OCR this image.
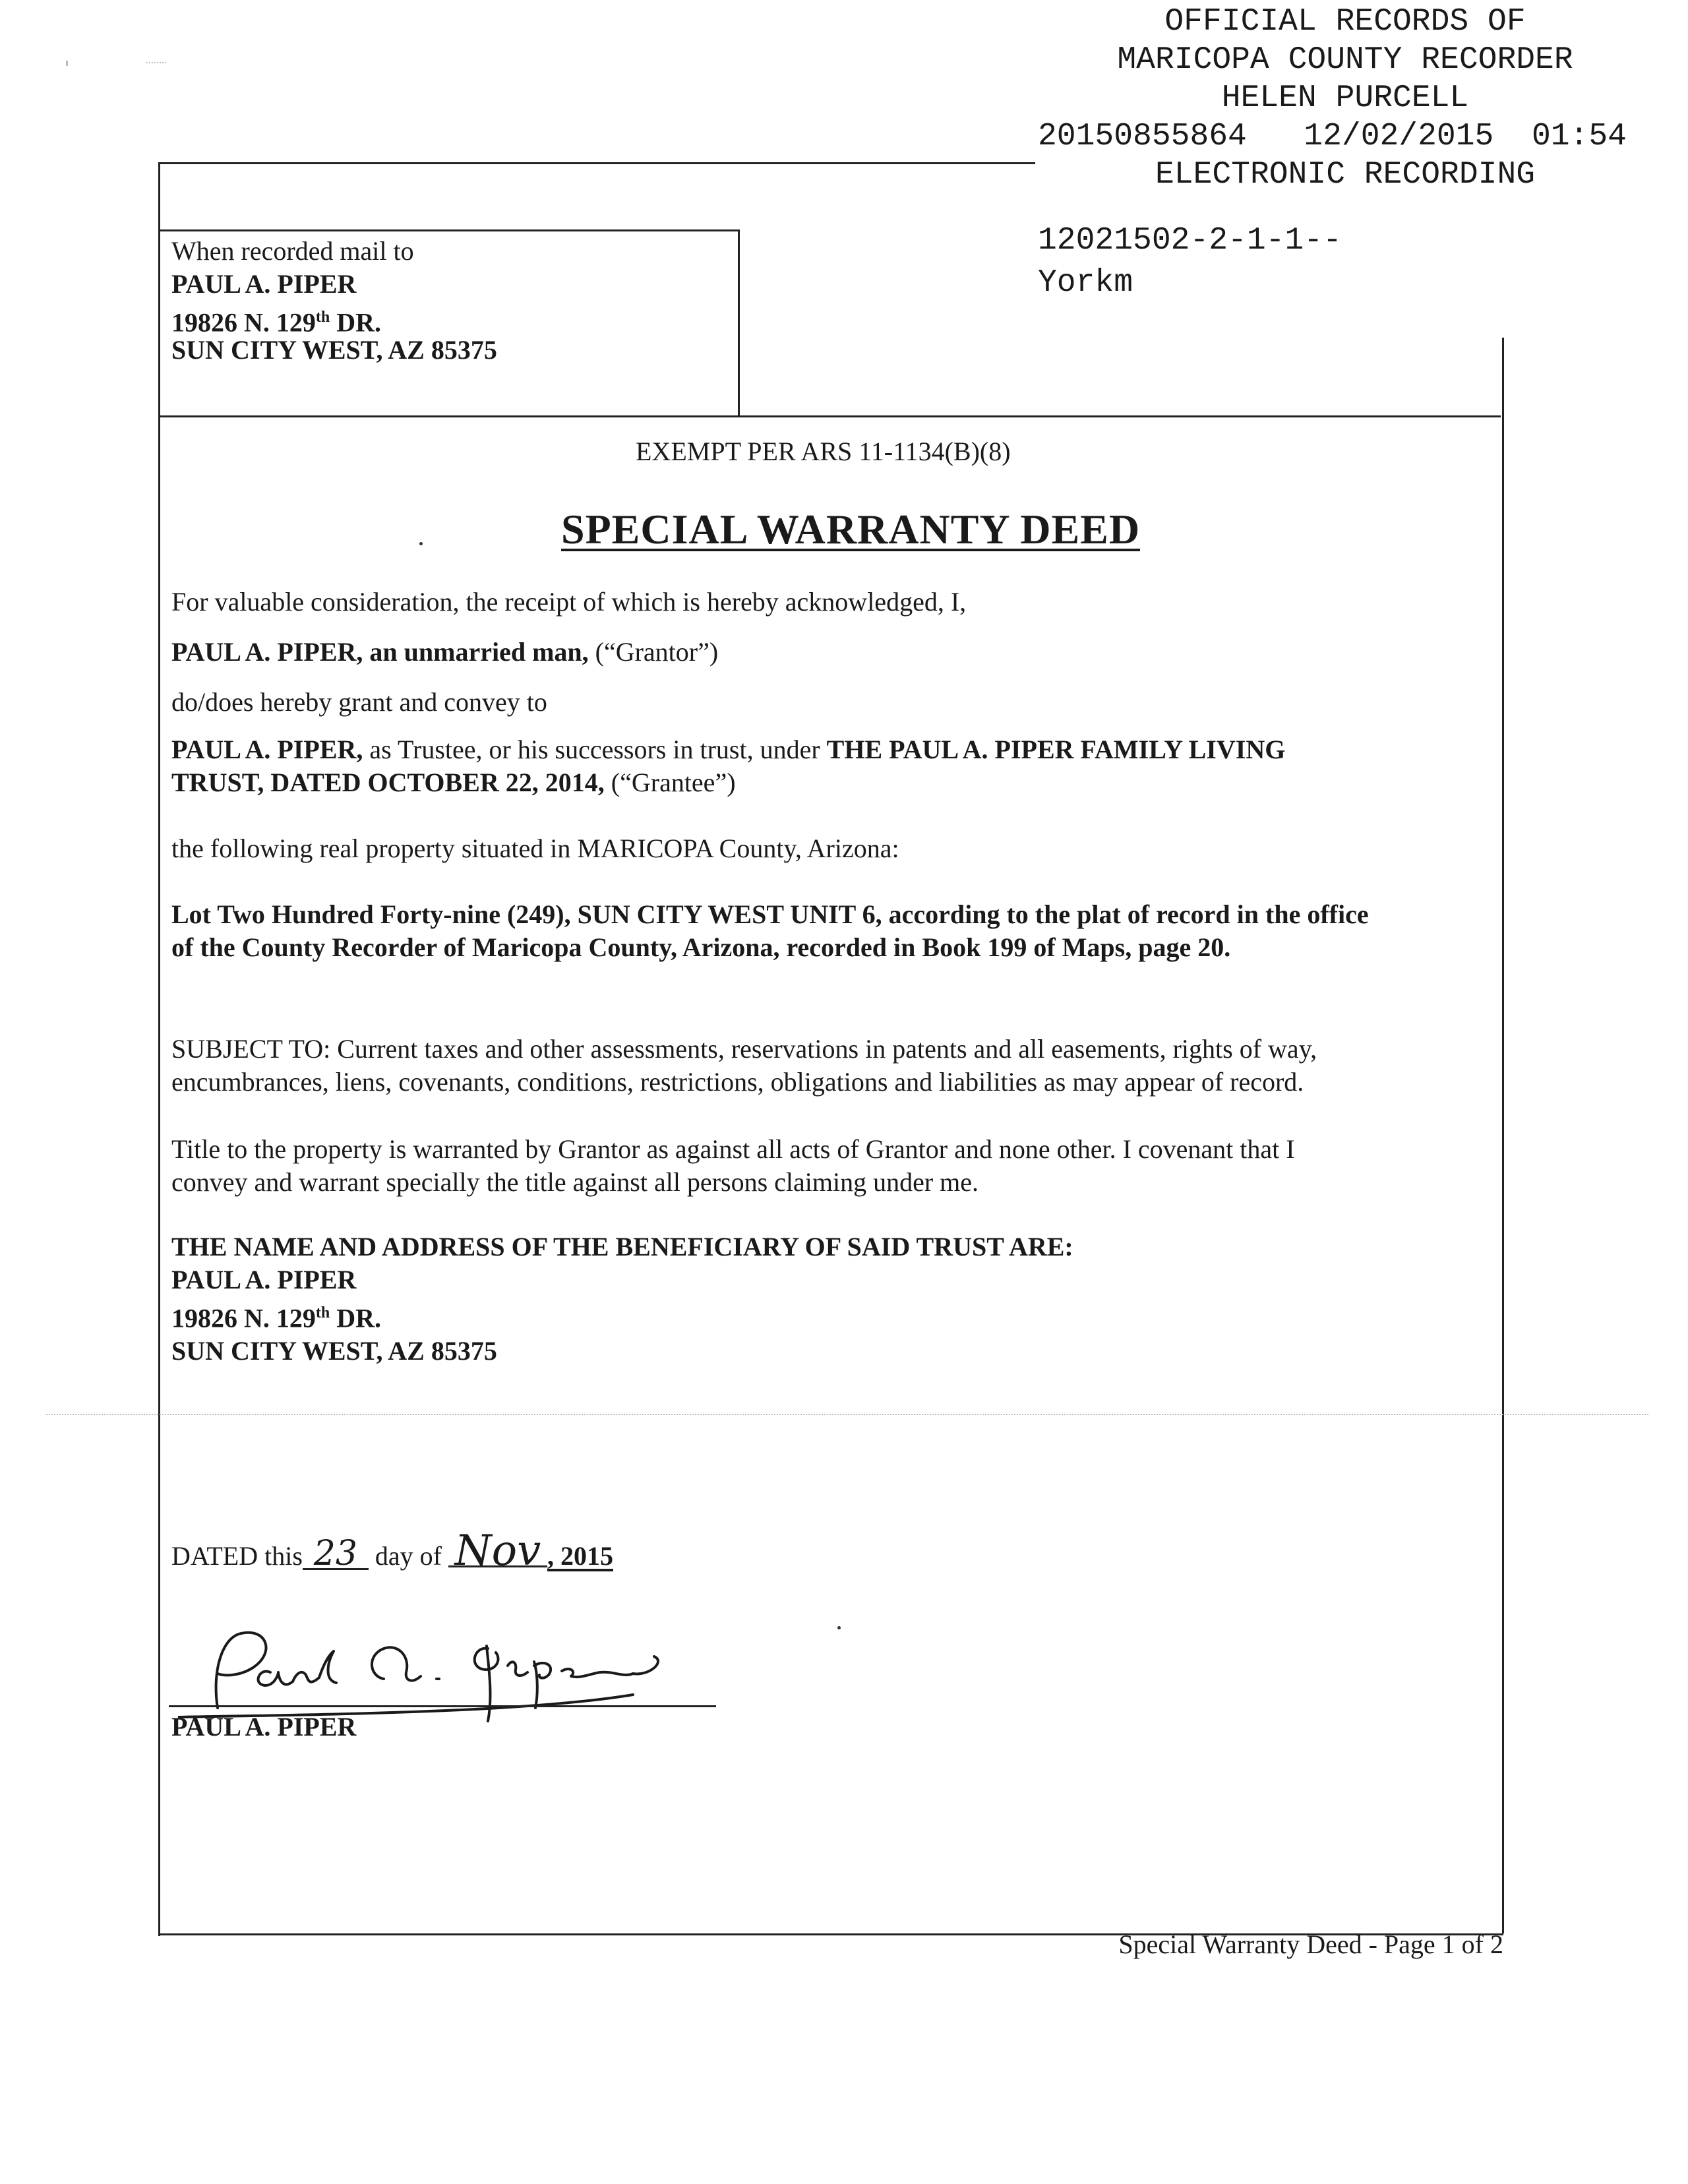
OFFICIAL RECORDS OF
MARICOPA COUNTY RECORDER
HELEN PURCELL
20150855864 12/02/2015 01:54
ELECTRONIC RECORDING
12021502-2-1-1--
Yorkm
When recorded mail to
PAUL A. PIPER
19826 N. 129th DR.
SUN CITY WEST, AZ 85375
EXEMPT PER ARS 11-1134(B)(8)
SPECIAL WARRANTY DEED
For valuable consideration, the receipt of which is hereby acknowledged, I,
PAUL A. PIPER, an unmarried man, (“Grantor”)
do/does hereby grant and convey to
PAUL A. PIPER, as Trustee, or his successors in trust, under THE PAUL A. PIPER FAMILY LIVING
TRUST, DATED OCTOBER 22, 2014, (“Grantee”)
the following real property situated in MARICOPA County, Arizona:
Lot Two Hundred Forty-nine (249), SUN CITY WEST UNIT 6, according to the plat of record in the office
of the County Recorder of Maricopa County, Arizona, recorded in Book 199 of Maps, page 20.
SUBJECT TO: Current taxes and other assessments, reservations in patents and all easements, rights of way,
encumbrances, liens, covenants, conditions, restrictions, obligations and liabilities as may appear of record.
Title to the property is warranted by Grantor as against all acts of Grantor and none other. I covenant that I
convey and warrant specially the title against all persons claiming under me.
THE NAME AND ADDRESS OF THE BENEFICIARY OF SAID TRUST ARE:
PAUL A. PIPER
19826 N. 129th DR.
SUN CITY WEST, AZ 85375
DATED this 23 day of Nov , 2015
PAUL A. PIPER
Special Warranty Deed - Page 1 of 2
